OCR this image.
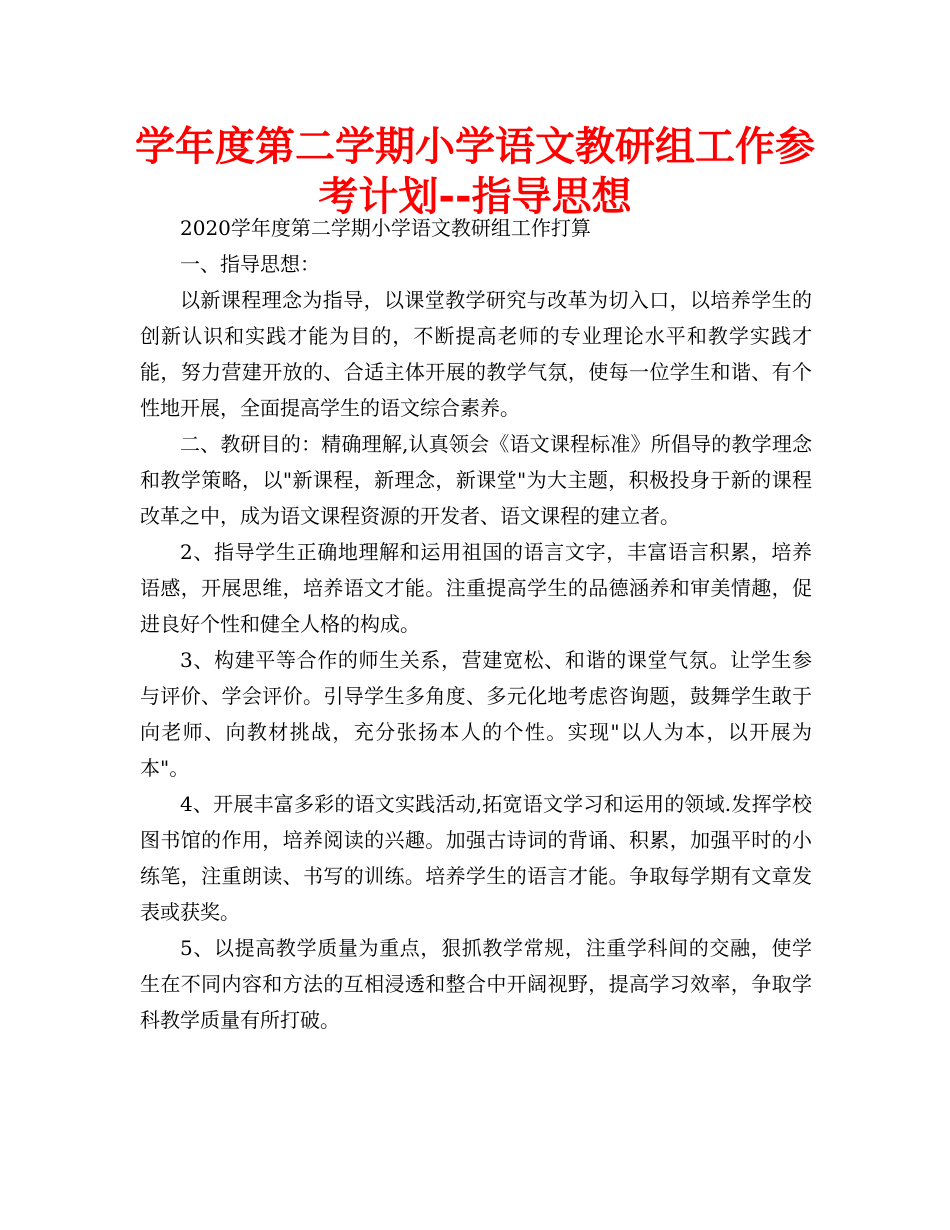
学年度第二学期小学语文教研组工作参考计划--指导思想

2020学年度第二学期小学语文教研组工作打算

一、指导思想：

以新课程理念为指导，以课堂教学研究与改革为切入口，以培养学生的创新认识和实践才能为目的，不断提高老师的专业理论水平和教学实践才能，努力营建开放的、合适主体开展的教学气氛，使每一位学生和谐、有个性地开展，全面提高学生的语文综合素养。

二、教研目的：精确理解,认真领会《语文课程标准》所倡导的教学理念和教学策略，以"新课程，新理念，新课堂"为大主题，积极投身于新的课程改革之中，成为语文课程资源的开发者、语文课程的建立者。

2、指导学生正确地理解和运用祖国的语言文字，丰富语言积累，培养语感，开展思维，培养语文才能。注重提高学生的品德涵养和审美情趣，促进良好个性和健全人格的构成。

3、构建平等合作的师生关系，营建宽松、和谐的课堂气氛。让学生参与评价、学会评价。引导学生多角度、多元化地考虑咨询题，鼓舞学生敢于向老师、向教材挑战，充分张扬本人的个性。实现"以人为本，以开展为本"。

4、开展丰富多彩的语文实践活动,拓宽语文学习和运用的领域.发挥学校图书馆的作用，培养阅读的兴趣。加强古诗词的背诵、积累，加强平时的小练笔，注重朗读、书写的训练。培养学生的语言才能。争取每学期有文章发表或获奖。

5、以提高教学质量为重点，狠抓教学常规，注重学科间的交融，使学生在不同内容和方法的互相浸透和整合中开阔视野，提高学习效率，争取学科教学质量有所打破。
